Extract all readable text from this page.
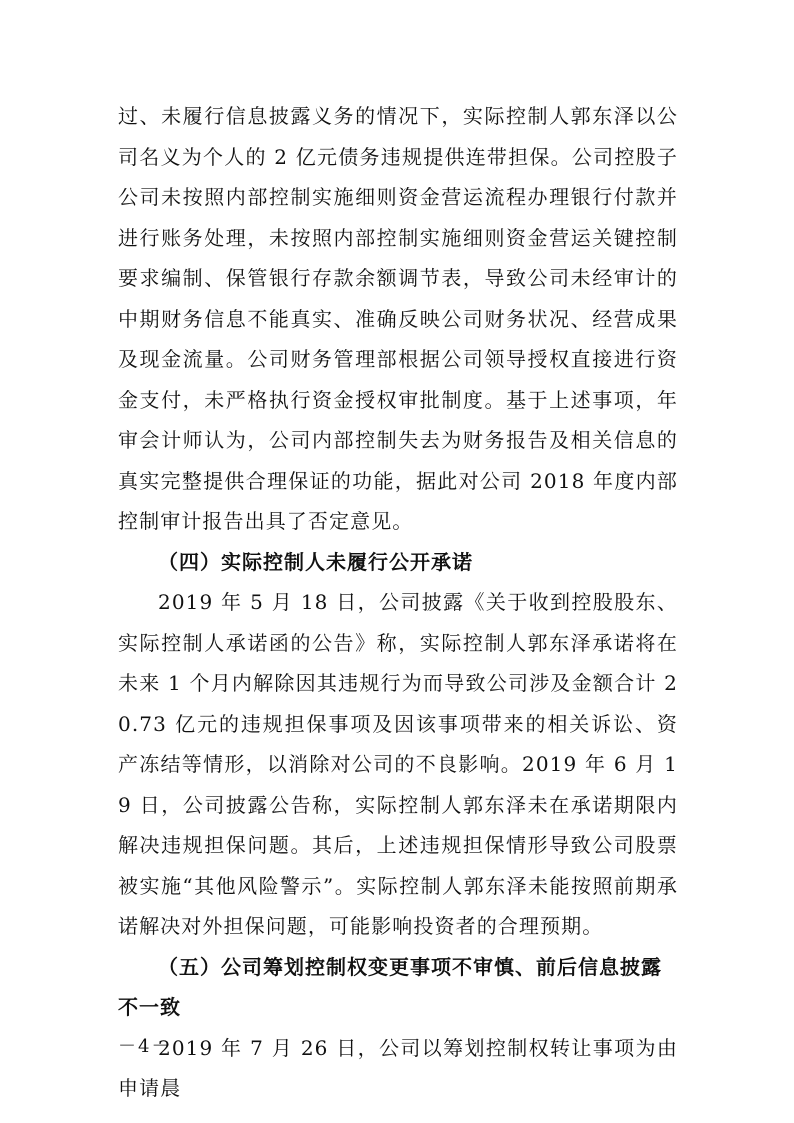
过、未履行信息披露义务的情况下，实际控制人郭东泽以公司名义为个人的 2 亿元债务违规提供连带担保。公司控股子公司未按照内部控制实施细则资金营运流程办理银行付款并进行账务处理，未按照内部控制实施细则资金营运关键控制要求编制、保管银行存款余额调节表，导致公司未经审计的中期财务信息不能真实、准确反映公司财务状况、经营成果及现金流量。公司财务管理部根据公司领导授权直接进行资金支付，未严格执行资金授权审批制度。基于上述事项，年审会计师认为，公司内部控制失去为财务报告及相关信息的真实完整提供合理保证的功能，据此对公司 2018 年度内部控制审计报告出具了否定意见。

（四）实际控制人未履行公开承诺

2019 年 5 月 18 日，公司披露《关于收到控股股东、实际控制人承诺函的公告》称，实际控制人郭东泽承诺将在未来 1 个月内解除因其违规行为而导致公司涉及金额合计 20.73 亿元的违规担保事项及因该事项带来的相关诉讼、资产冻结等情形，以消除对公司的不良影响。2019 年 6 月 19 日，公司披露公告称，实际控制人郭东泽未在承诺期限内解决违规担保问题。其后，上述违规担保情形导致公司股票被实施“其他风险警示”。实际控制人郭东泽未能按照前期承诺解决对外担保问题，可能影响投资者的合理预期。

（五）公司筹划控制权变更事项不审慎、前后信息披露不一致

2019 年 7 月 26 日，公司以筹划控制权转让事项为由申请晨

－4－
